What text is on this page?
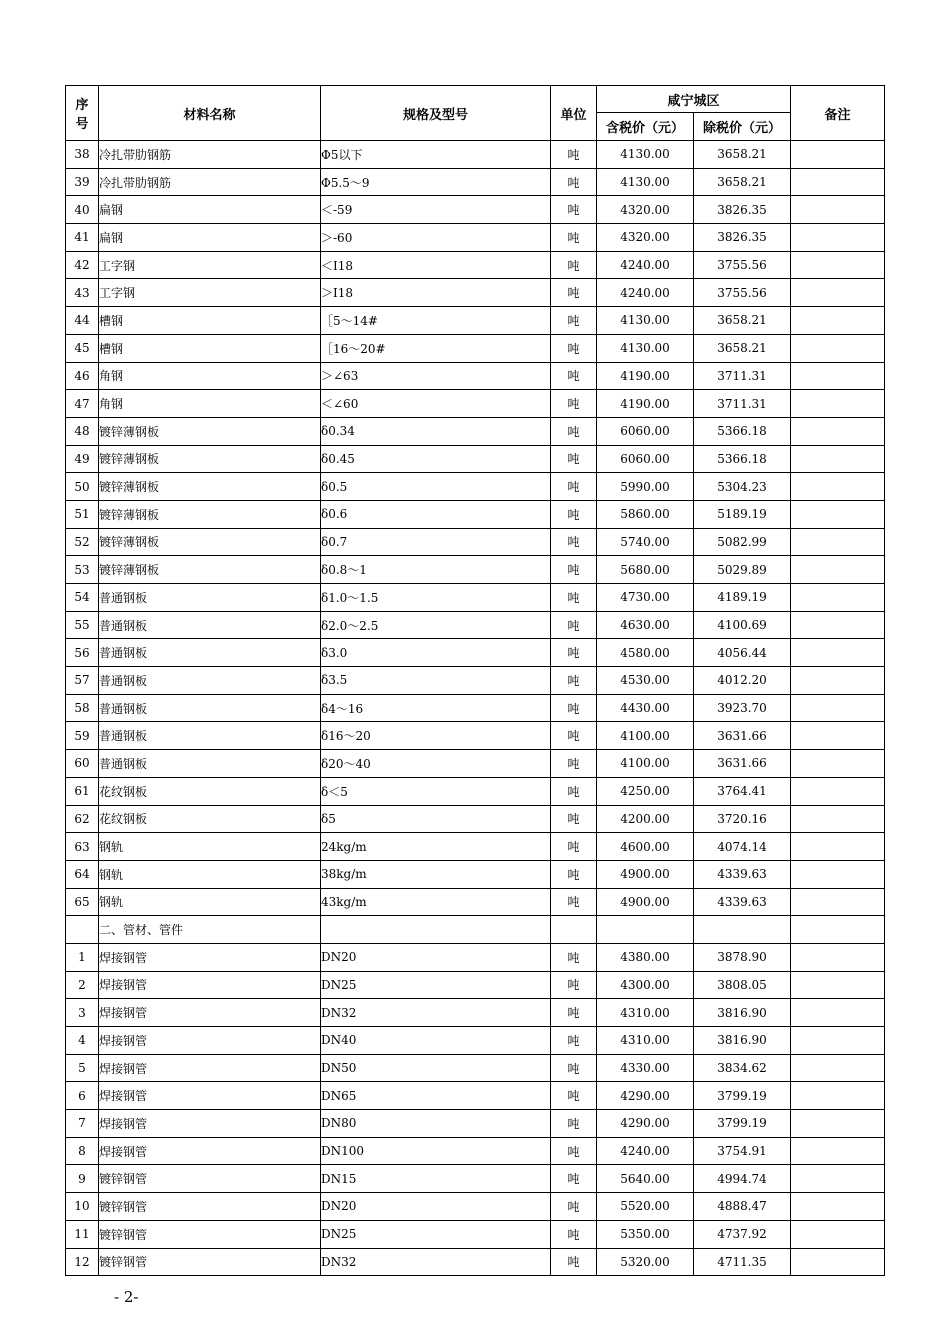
序
号	材料名称	规格及型号	单位	咸宁城区		备注
				含税价（元）	除税价（元）	
38	冷扎带肋钢筋	Φ5以下	吨	4130.00	3658.21	
39	冷扎带肋钢筋	Φ5.5～9	吨	4130.00	3658.21	
40	扁钢	＜-59	吨	4320.00	3826.35	
41	扁钢	＞-60	吨	4320.00	3826.35	
42	工字钢	＜Ⅰ18	吨	4240.00	3755.56	
43	工字钢	＞Ⅰ18	吨	4240.00	3755.56	
44	槽钢	［5～14#	吨	4130.00	3658.21	
45	槽钢	［16～20#	吨	4130.00	3658.21	
46	角钢	＞∠63	吨	4190.00	3711.31	
47	角钢	＜∠60	吨	4190.00	3711.31	
48	镀锌薄钢板	δ0.34	吨	6060.00	5366.18	
49	镀锌薄钢板	δ0.45	吨	6060.00	5366.18	
50	镀锌薄钢板	δ0.5	吨	5990.00	5304.23	
51	镀锌薄钢板	δ0.6	吨	5860.00	5189.19	
52	镀锌薄钢板	δ0.7	吨	5740.00	5082.99	
53	镀锌薄钢板	δ0.8～1	吨	5680.00	5029.89	
54	普通钢板	δ1.0～1.5	吨	4730.00	4189.19	
55	普通钢板	δ2.0～2.5	吨	4630.00	4100.69	
56	普通钢板	δ3.0	吨	4580.00	4056.44	
57	普通钢板	δ3.5	吨	4530.00	4012.20	
58	普通钢板	δ4～16	吨	4430.00	3923.70	
59	普通钢板	δ16～20	吨	4100.00	3631.66	
60	普通钢板	δ20～40	吨	4100.00	3631.66	
61	花纹钢板	δ＜5	吨	4250.00	3764.41	
62	花纹钢板	δ5	吨	4200.00	3720.16	
63	钢轨	24kg/m	吨	4600.00	4074.14	
64	钢轨	38kg/m	吨	4900.00	4339.63	
65	钢轨	43kg/m	吨	4900.00	4339.63	
	二、管材、管件					
1	焊接钢管	DN20	吨	4380.00	3878.90	
2	焊接钢管	DN25	吨	4300.00	3808.05	
3	焊接钢管	DN32	吨	4310.00	3816.90	
4	焊接钢管	DN40	吨	4310.00	3816.90	
5	焊接钢管	DN50	吨	4330.00	3834.62	
6	焊接钢管	DN65	吨	4290.00	3799.19	
7	焊接钢管	DN80	吨	4290.00	3799.19	
8	焊接钢管	DN100	吨	4240.00	3754.91	
9	镀锌钢管	DN15	吨	5640.00	4994.74	
10	镀锌钢管	DN20	吨	5520.00	4888.47	
11	镀锌钢管	DN25	吨	5350.00	4737.92	
12	镀锌钢管	DN32	吨	5320.00	4711.35	
- 2-
